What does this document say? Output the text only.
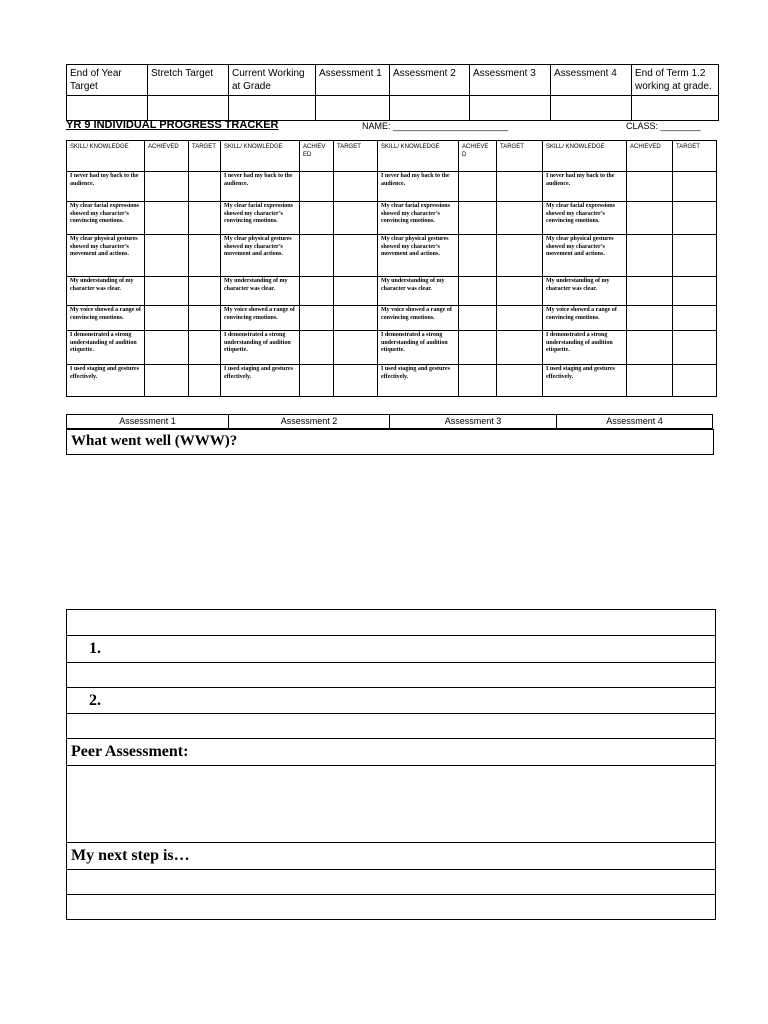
End of Year Target	Stretch Target	Current Working at Grade	Assessment 1	Assessment 2	Assessment 3	Assessment 4	End of Term 1.2 working at grade.

YR 9 INDIVIDUAL PROGRESS TRACKER	NAME: _______________________	CLASS: ________
SKILL/ KNOWLEDGE	ACHIEVED	TARGET	SKILL/ KNOWLEDGE	ACHIEV ED	TARGET	SKILL/ KNOWLEDGE	ACHIEVE D	TARGET	SKILL/ KNOWLEDGE	ACHIEVED	TARGET
I never had my back to the audience.			I never had my back to the audience.			I never had my back to the audience.			I never had my back to the audience.		
My clear facial expressions showed my character’s convincing emotions.			My clear facial expressions showed my character’s convincing emotions.			My clear facial expressions showed my character’s convincing emotions.			My clear facial expressions showed my character’s convincing emotions.		
My clear physical gestures showed my character’s movement and actions.			My clear physical gestures showed my character’s movement and actions.			My clear physical gestures showed my character’s movement and actions.			My clear physical gestures showed my character’s movement and actions.		
My understanding of my character was clear.			My understanding of my character was clear.			My understanding of my character was clear.			My understanding of my character was clear.		
My voice showed a range of convincing emotions.			My voice showed a range of convincing emotions.			My voice showed a range of convincing emotions.			My voice showed a range of convincing emotions.		
I demonstrated a strong understanding of audition etiquette.			I demonstrated a strong understanding of audition etiquette.			I demonstrated a strong understanding of audition etiquette.			I demonstrated a strong understanding of audition etiquette.		
I used staging and gestures effectively.			I used staging and gestures effectively.			I used staging and gestures effectively.			I used staging and gestures effectively.		
Assessment 1	Assessment 2	Assessment 3	Assessment 4
What went well (WWW)?

1.

2.

Peer Assessment:

My next step is…
